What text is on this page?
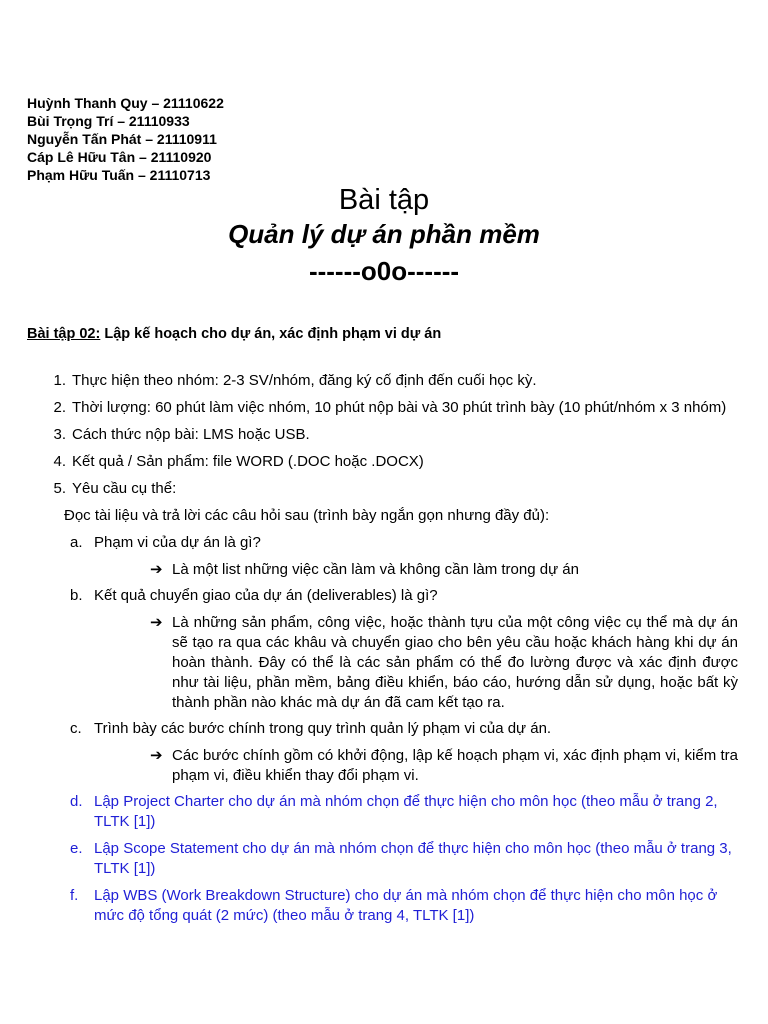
Huỳnh Thanh Quy – 21110622
Bùi Trọng Trí – 21110933
Nguyễn Tấn Phát – 21110911
Cáp Lê Hữu Tân – 21110920
Phạm Hữu Tuấn – 21110713
Bài tập
Quản lý dự án phần mềm
------o0o------
Bài tập 02: Lập kế hoạch cho dự án, xác định phạm vi dự án
1. Thực hiện theo nhóm: 2-3 SV/nhóm, đăng ký cố định đến cuối học kỳ.
2. Thời lượng: 60 phút làm việc nhóm, 10 phút nộp bài và 30 phút trình bày (10 phút/nhóm x 3 nhóm)
3. Cách thức nộp bài: LMS hoặc USB.
4. Kết quả / Sản phẩm: file WORD (.DOC hoặc .DOCX)
5. Yêu cầu cụ thể:
Đọc tài liệu và trả lời các câu hỏi sau (trình bày ngắn gọn nhưng đầy đủ):
a. Phạm vi của dự án là gì?
➔ Là một list những việc cần làm và không cần làm trong dự án
b. Kết quả chuyển giao của dự án (deliverables) là gì?
➔ Là những sản phẩm, công việc, hoặc thành tựu của một công việc cụ thể mà dự án sẽ tạo ra qua các khâu và chuyển giao cho bên yêu cầu hoặc khách hàng khi dự án hoàn thành. Đây có thể là các sản phẩm có thể đo lường được và xác định được như tài liệu, phần mềm, bảng điều khiển, báo cáo, hướng dẫn sử dụng, hoặc bất kỳ thành phần nào khác mà dự án đã cam kết tạo ra.
c. Trình bày các bước chính trong quy trình quản lý phạm vi của dự án.
➔ Các bước chính gồm có khởi động, lập kế hoạch phạm vi, xác định phạm vi, kiểm tra phạm vi, điều khiển thay đổi phạm vi.
d. Lập Project Charter cho dự án mà nhóm chọn để thực hiện cho môn học (theo mẫu ở trang 2, TLTK [1])
e. Lập Scope Statement cho dự án mà nhóm chọn để thực hiện cho môn học (theo mẫu ở trang 3, TLTK [1])
f. Lập WBS (Work Breakdown Structure) cho dự án mà nhóm chọn để thực hiện cho môn học ở mức độ tổng quát (2 mức) (theo mẫu ở trang 4, TLTK [1])
